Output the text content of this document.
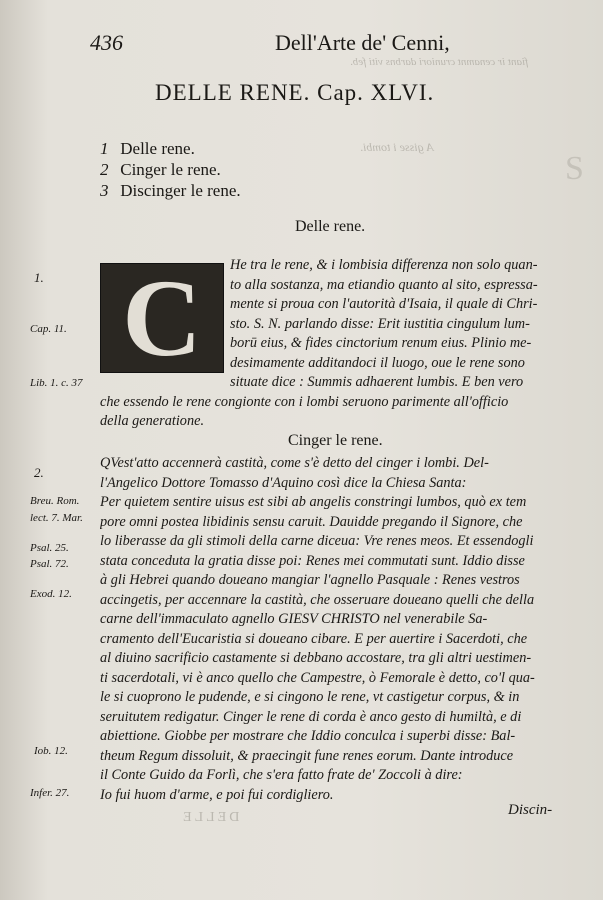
fiant ir cenamnt cruniori darbns viti feb.
A gisse i tombi.
S
DELLE
436	Dell'Arte de' Cenni,
DELLE RENE. Cap. XLVI.
1 Delle rene.
2 Cinger le rene.
3 Discinger le rene.
Delle rene.
C He tra le rene, & i lombisia differenza non solo quan-
to alla sostanza, ma etiandio quanto al sito, espressa-
mente si proua con l'autorità d'Isaia, il quale di Chri-
sto. S. N. parlando disse: Erit iustitia cingulum lum-
borū eius, & fides cinctorium renum eius. Plinio me-
desimamente additandoci il luogo, oue le rene sono
situate dice : Summis adhaerent lumbis. E ben vero
che essendo le rene congionte con i lombi seruono parimente all'officio
della generatione.
Cinger le rene.
QVest'atto accennerà castità, come s'è detto del cinger i lombi. Del-
l'Angelico Dottore Tomasso d'Aquino così dice la Chiesa Santa:
Per quietem sentire uisus est sibi ab angelis constringi lumbos, quò ex tem
pore omni postea libidinis sensu caruit. Dauidde pregando il Signore, che
lo liberasse da gli stimoli della carne diceua: Vre renes meos. Et essendogli
stata conceduta la gratia disse poi: Renes mei commutati sunt. Iddio disse
à gli Hebrei quando doueano mangiar l'agnello Pasquale : Renes vestros
accingetis, per accennare la castità, che osseruare doueano quelli che della
carne dell'immaculato agnello GIESV CHRISTO nel venerabile Sa-
cramento dell'Eucaristia si doueano cibare. E per auertire i Sacerdoti, che
al diuino sacrificio castamente si debbano accostare, tra gli altri uestimen-
ti sacerdotali, vi è anco quello che Campestre, ò Femorale è detto, co'l qua-
le si cuoprono le pudende, e si cingono le rene, vt castigetur corpus, & in
seruitutem redigatur. Cinger le rene di corda è anco gesto di humiltà, e di
abiettione. Giobbe per mostrare che Iddio conculca i superbi disse: Bal-
theum Regum dissoluit, & praecingit fune renes eorum. Dante introduce
il Conte Guido da Forlì, che s'era fatto frate de' Zoccoli à dire:
Io fui huom d'arme, e poi fui cordigliero.
1.
Cap. 11.
Lib. 1. c. 37
2.
Breu. Rom.
lect. 7. Mar.
Psal. 25.
Psal. 72.
Exod. 12.
Iob. 12.
Infer. 27.
Discin-
